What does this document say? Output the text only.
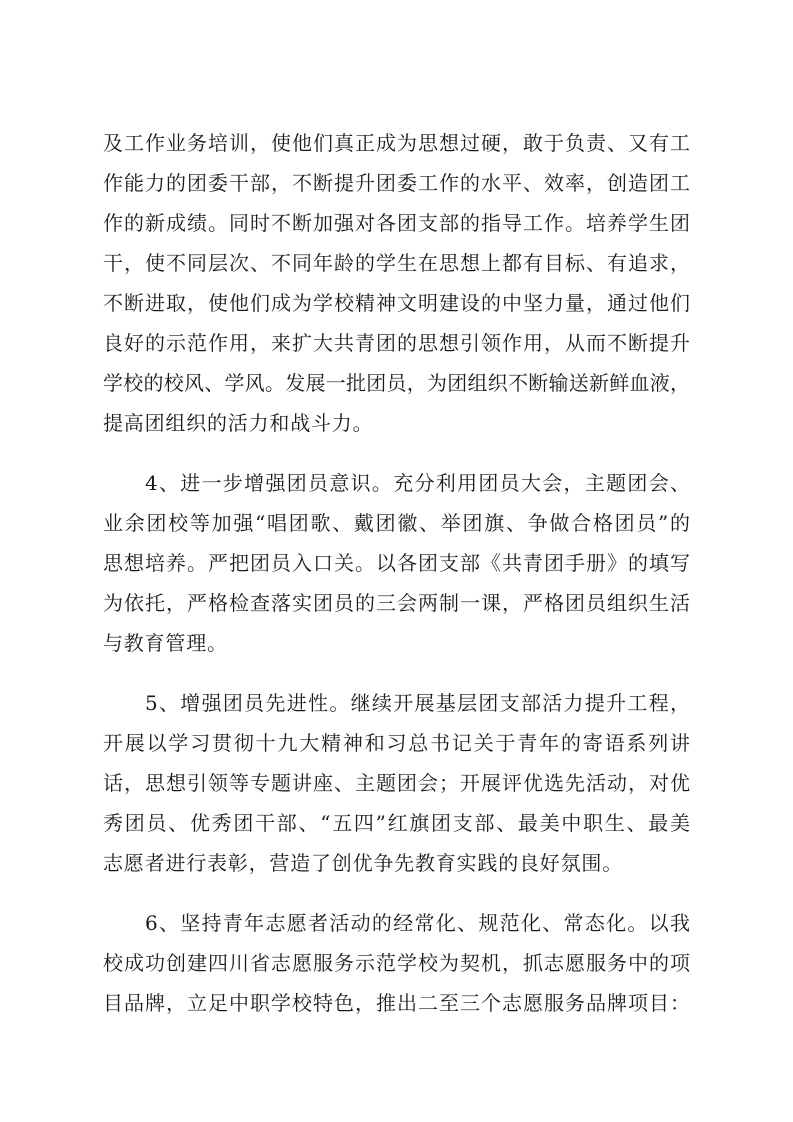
及工作业务培训，使他们真正成为思想过硬，敢于负责、又有工
作能力的团委干部，不断提升团委工作的水平、效率，创造团工
作的新成绩。同时不断加强对各团支部的指导工作。培养学生团
干，使不同层次、不同年龄的学生在思想上都有目标、有追求，
不断进取，使他们成为学校精神文明建设的中坚力量，通过他们
良好的示范作用，来扩大共青团的思想引领作用，从而不断提升
学校的校风、学风。发展一批团员，为团组织不断输送新鲜血液，
提高团组织的活力和战斗力。
4、进一步增强团员意识。充分利用团员大会，主题团会、
业余团校等加强“唱团歌、戴团徽、举团旗、争做合格团员”的
思想培养。严把团员入口关。以各团支部《共青团手册》的填写
为依托，严格检查落实团员的三会两制一课，严格团员组织生活
与教育管理。
5、增强团员先进性。继续开展基层团支部活力提升工程，
开展以学习贯彻十九大精神和习总书记关于青年的寄语系列讲
话，思想引领等专题讲座、主题团会；开展评优选先活动，对优
秀团员、优秀团干部、“五四”红旗团支部、最美中职生、最美
志愿者进行表彰，营造了创优争先教育实践的良好氛围。
6、坚持青年志愿者活动的经常化、规范化、常态化。以我
校成功创建四川省志愿服务示范学校为契机，抓志愿服务中的项
目品牌，立足中职学校特色，推出二至三个志愿服务品牌项目：
